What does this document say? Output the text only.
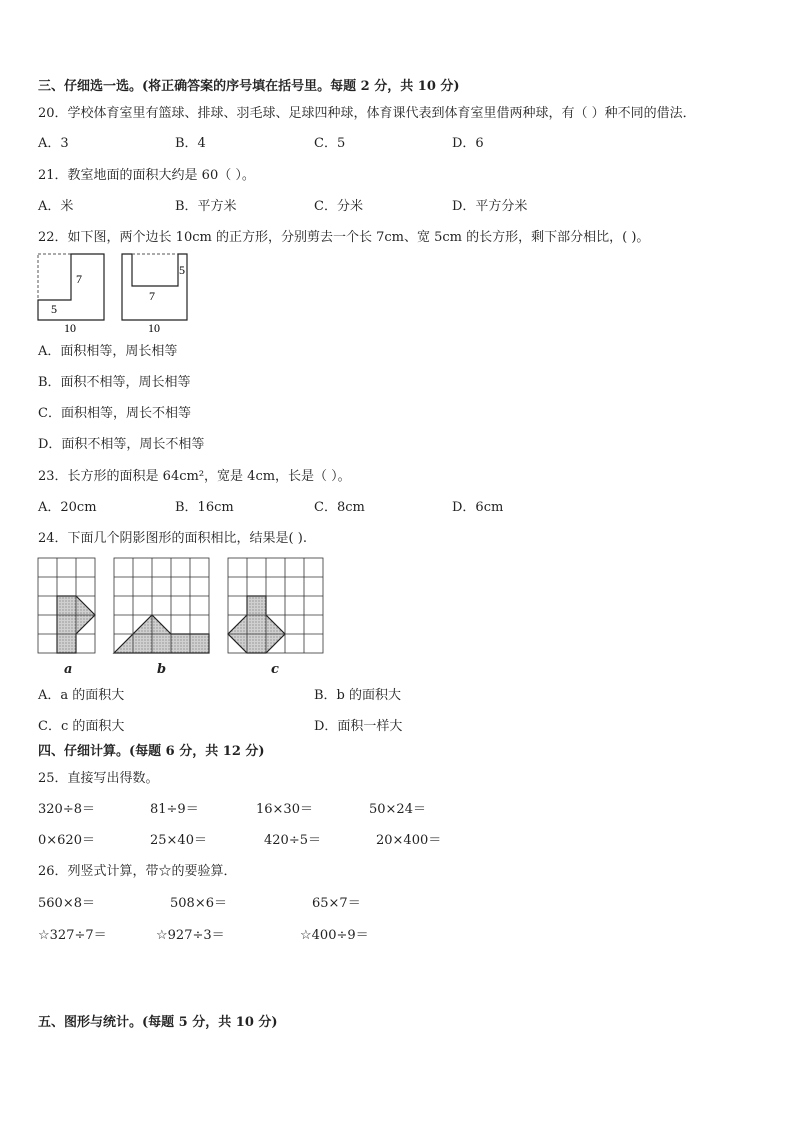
三、仔细选一选。(将正确答案的序号填在括号里。每题 2 分，共 10 分)
20．学校体育室里有篮球、排球、羽毛球、足球四种球，体育课代表到体育室里借两种球，有（ ）种不同的借法．
A．3	B．4	C．5	D．6
21．教室地面的面积大约是 60（ ）。
A．米	B．平方米	C．分米	D．平方分米
22．如下图，两个边长 10cm 的正方形，分别剪去一个长 7cm、宽 5cm 的长方形，剩下部分相比，( )。
7
5
10
5
7
10
A．面积相等，周长相等
B．面积不相等，周长相等
C．面积相等，周长不相等
D．面积不相等，周长不相等
23．长方形的面积是 64cm²，宽是 4cm，长是（ ）。
A．20cm	B．16cm	C．8cm	D．6cm
24．下面几个阴影图形的面积相比，结果是( ).
a	b	c
A．a 的面积大	B．b 的面积大
C．c 的面积大	D．面积一样大
四、仔细计算。(每题 6 分，共 12 分)
25．直接写出得数。
320÷8＝	81÷9＝	16×30＝	50×24＝
0×620＝	25×40＝	420÷5＝	20×400＝
26．列竖式计算，带☆的要验算．
560×8＝	508×6＝	65×7＝
☆327÷7＝	☆927÷3＝	☆400÷9＝
五、图形与统计。(每题 5 分，共 10 分)
